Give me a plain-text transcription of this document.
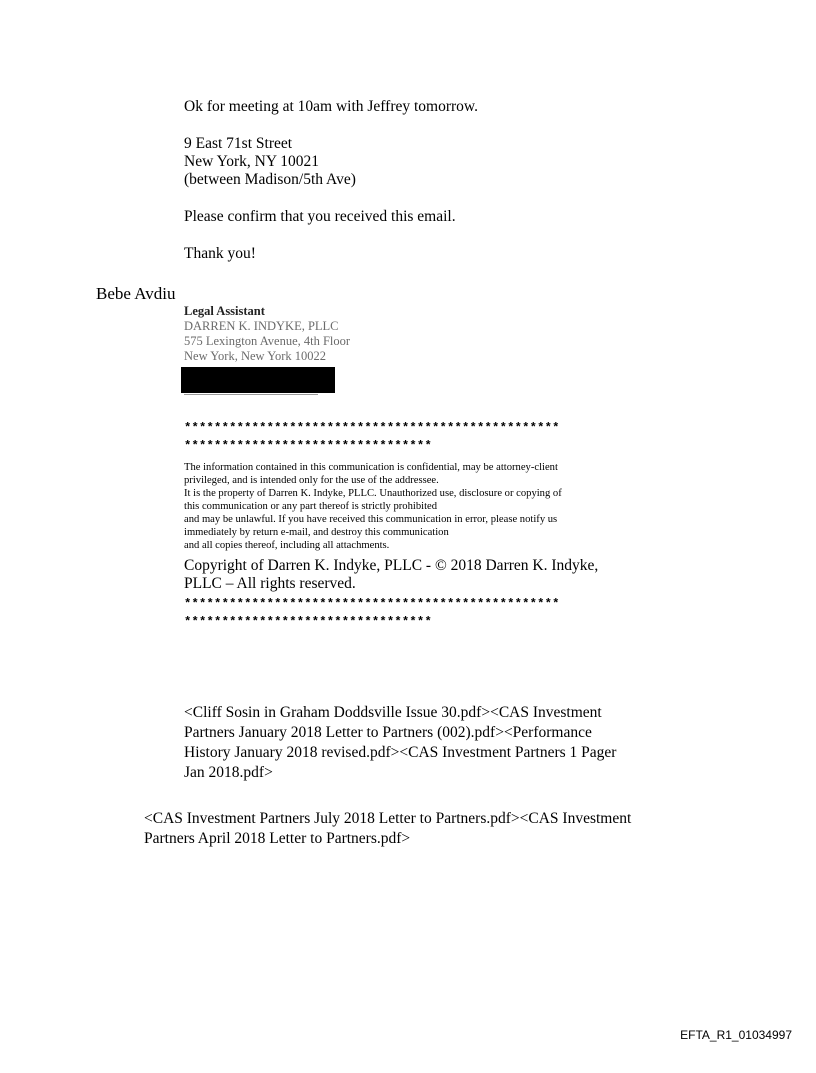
Ok for meeting at 10am with Jeffrey tomorrow.
9 East 71st Street
New York, NY 10021
(between Madison/5th Ave)
Please confirm that you received this email.
Thank you!
Bebe Avdiu
Legal Assistant
DARREN K. INDYKE, PLLC
575 Lexington Avenue, 4th Floor
New York, New York 10022
**************************************************
*********************************
The information contained in this communication is confidential, may be attorney-client
privileged, and is intended only for the use of the addressee.
It is the property of Darren K. Indyke, PLLC. Unauthorized use, disclosure or copying of
this communication or any part thereof is strictly prohibited
and may be unlawful. If you have received this communication in error, please notify us
immediately by return e-mail, and destroy this communication
and all copies thereof, including all attachments.
Copyright of Darren K. Indyke, PLLC - © 2018 Darren K. Indyke,
PLLC – All rights reserved.
**************************************************
*********************************
<Cliff Sosin in Graham Doddsville Issue 30.pdf><CAS Investment
Partners January 2018 Letter to Partners (002).pdf><Performance
History January 2018 revised.pdf><CAS Investment Partners 1 Pager
Jan 2018.pdf>
<CAS Investment Partners July 2018 Letter to Partners.pdf><CAS Investment
Partners April 2018 Letter to Partners.pdf>
EFTA_R1_01034997
